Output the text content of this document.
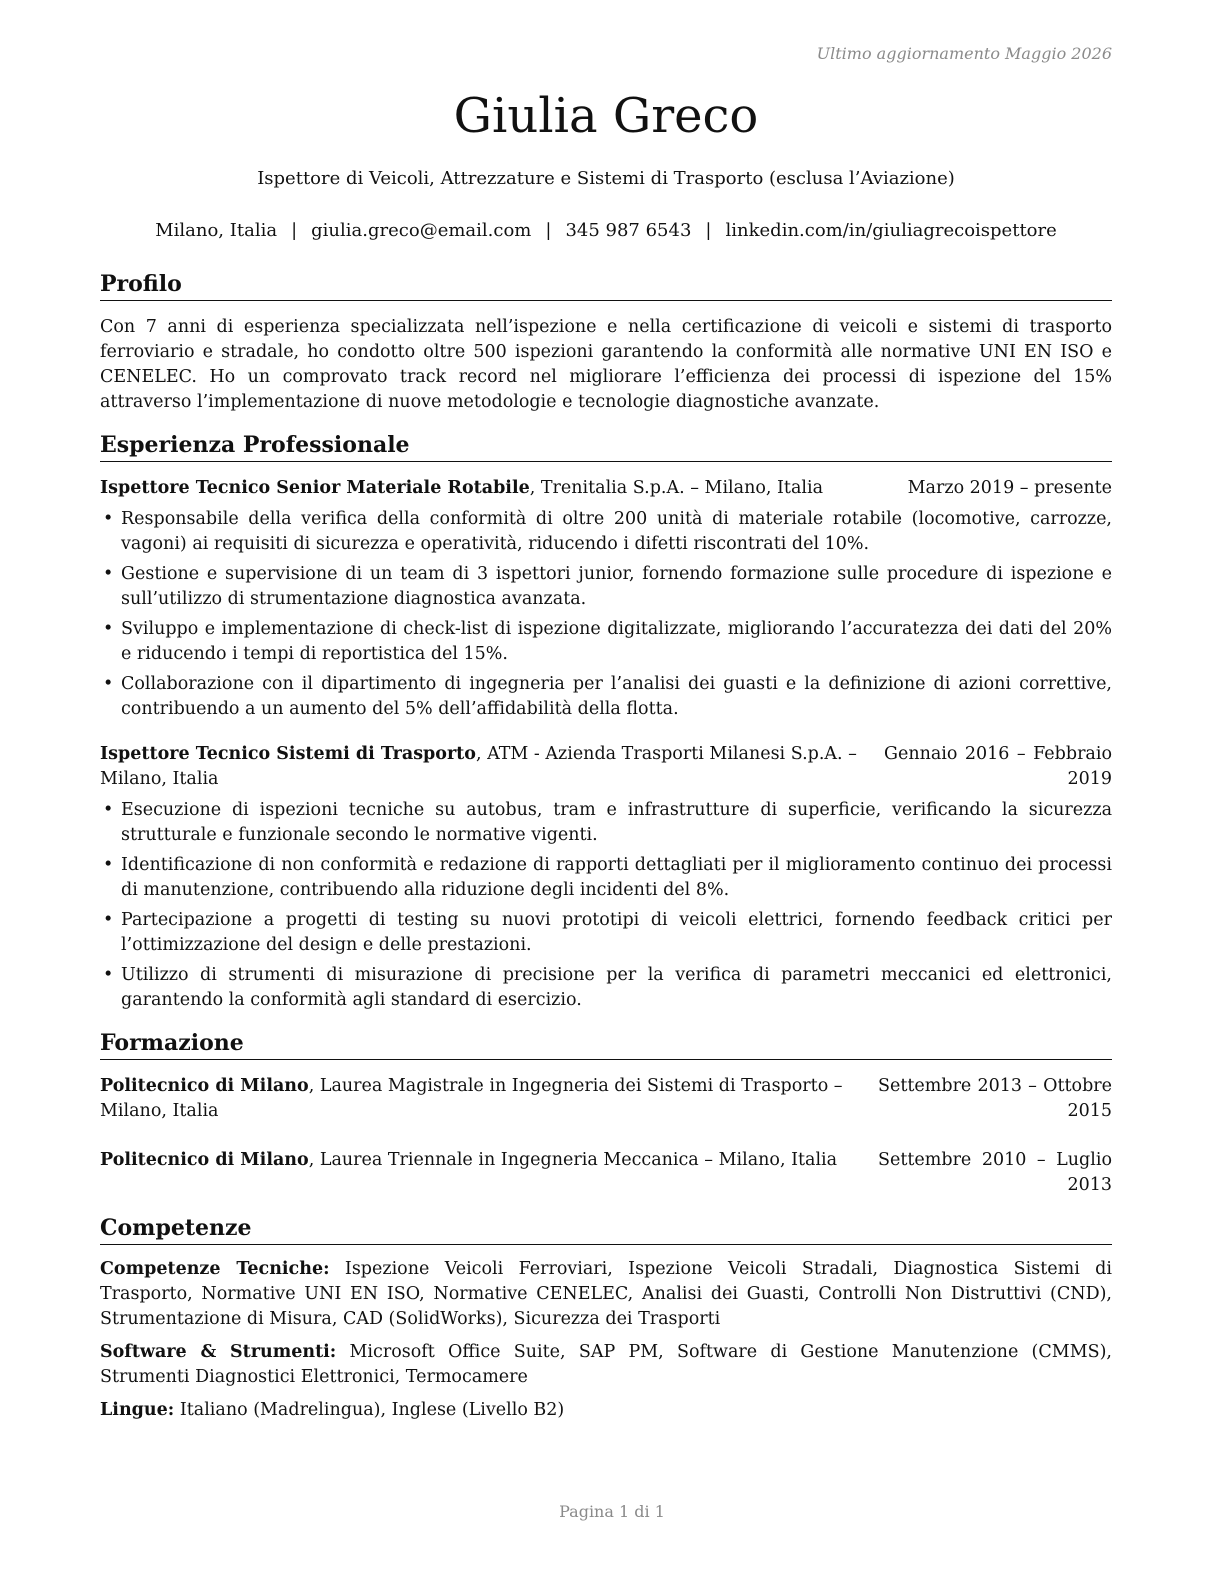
Ultimo aggiornamento Maggio 2026
Giulia Greco
Ispettore di Veicoli, Attrezzature e Sistemi di Trasporto (esclusa l’Aviazione)
Milano, Italia | giulia.greco@email.com | 345 987 6543 | linkedin.com/in/giuliagrecoispettore
Profilo

Con 7 anni di esperienza specializzata nell’ispezione e nella certificazione di veicoli e sistemi di trasporto ferroviario e stradale, ho condotto oltre 500 ispezioni garantendo la conformità alle normative UNI EN ISO e CENELEC. Ho un comprovato track record nel migliorare l’efficienza dei processi di ispezione del 15% attraverso l’implementazione di nuove metodologie e tecnologie diagnostiche avanzate.

Esperienza Professionale
Ispettore Tecnico Senior Materiale Rotabile, Trenitalia S.p.A. – Milano, Italia	Marzo 2019 – presente
• Responsabile della verifica della conformità di oltre 200 unità di materiale rotabile (locomotive, carrozze, vagoni) ai requisiti di sicurezza e operatività, riducendo i difetti riscontrati del 10%.
• Gestione e supervisione di un team di 3 ispettori junior, fornendo formazione sulle procedure di ispezione e sull’utilizzo di strumentazione diagnostica avanzata.
• Sviluppo e implementazione di check-list di ispezione digitalizzate, migliorando l’accuratezza dei dati del 20% e riducendo i tempi di reportistica del 15%.
• Collaborazione con il dipartimento di ingegneria per l’analisi dei guasti e la definizione di azioni correttive, contribuendo a un aumento del 5% dell’affidabilità della flotta.
Ispettore Tecnico Sistemi di Trasporto, ATM - Azienda Trasporti Milanesi S.p.A. – Milano, Italia
Gennaio 2016 – Febbraio 2019
• Esecuzione di ispezioni tecniche su autobus, tram e infrastrutture di superficie, verificando la sicurezza strutturale e funzionale secondo le normative vigenti.
• Identificazione di non conformità e redazione di rapporti dettagliati per il miglioramento continuo dei processi di manutenzione, contribuendo alla riduzione degli incidenti del 8%.
• Partecipazione a progetti di testing su nuovi prototipi di veicoli elettrici, fornendo feedback critici per l’ottimizzazione del design e delle prestazioni.
• Utilizzo di strumenti di misurazione di precisione per la verifica di parametri meccanici ed elettronici, garantendo la conformità agli standard di esercizio.
Formazione
Politecnico di Milano, Laurea Magistrale in Ingegneria dei Sistemi di Trasporto – Milano, Italia
Settembre 2013 – Ottobre 2015
Politecnico di Milano, Laurea Triennale in Ingegneria Meccanica – Milano, Italia	Settembre 2010 – Luglio 2013
Competenze

Competenze Tecniche: Ispezione Veicoli Ferroviari, Ispezione Veicoli Stradali, Diagnostica Sistemi di Trasporto, Normative UNI EN ISO, Normative CENELEC, Analisi dei Guasti, Controlli Non Distruttivi (CND), Strumentazione di Misura, CAD (SolidWorks), Sicurezza dei Trasporti

Software & Strumenti: Microsoft Office Suite, SAP PM, Software di Gestione Manutenzione (CMMS), Strumenti Diagnostici Elettronici, Termocamere

Lingue: Italiano (Madrelingua), Inglese (Livello B2)

Pagina 1 di 1
